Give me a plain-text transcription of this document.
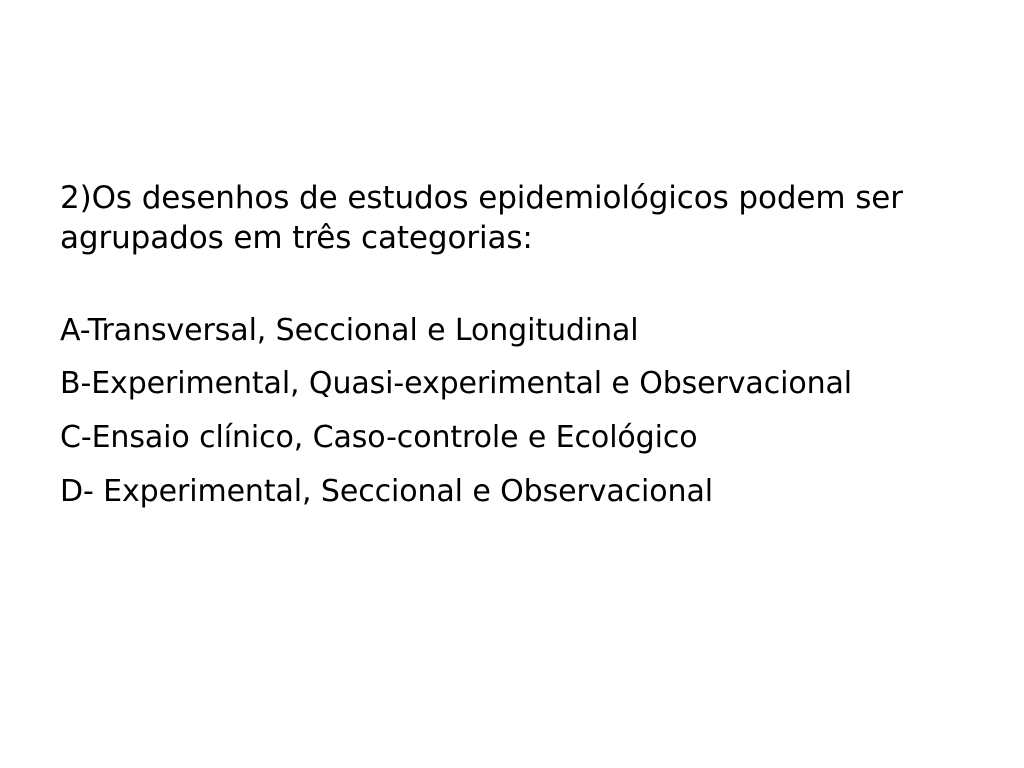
2)Os desenhos de estudos epidemiológicos podem ser agrupados em três categorias:

A-Transversal, Seccional e Longitudinal

B-Experimental, Quasi-experimental e Observacional

C-Ensaio clínico, Caso-controle e Ecológico

D- Experimental, Seccional e Observacional
